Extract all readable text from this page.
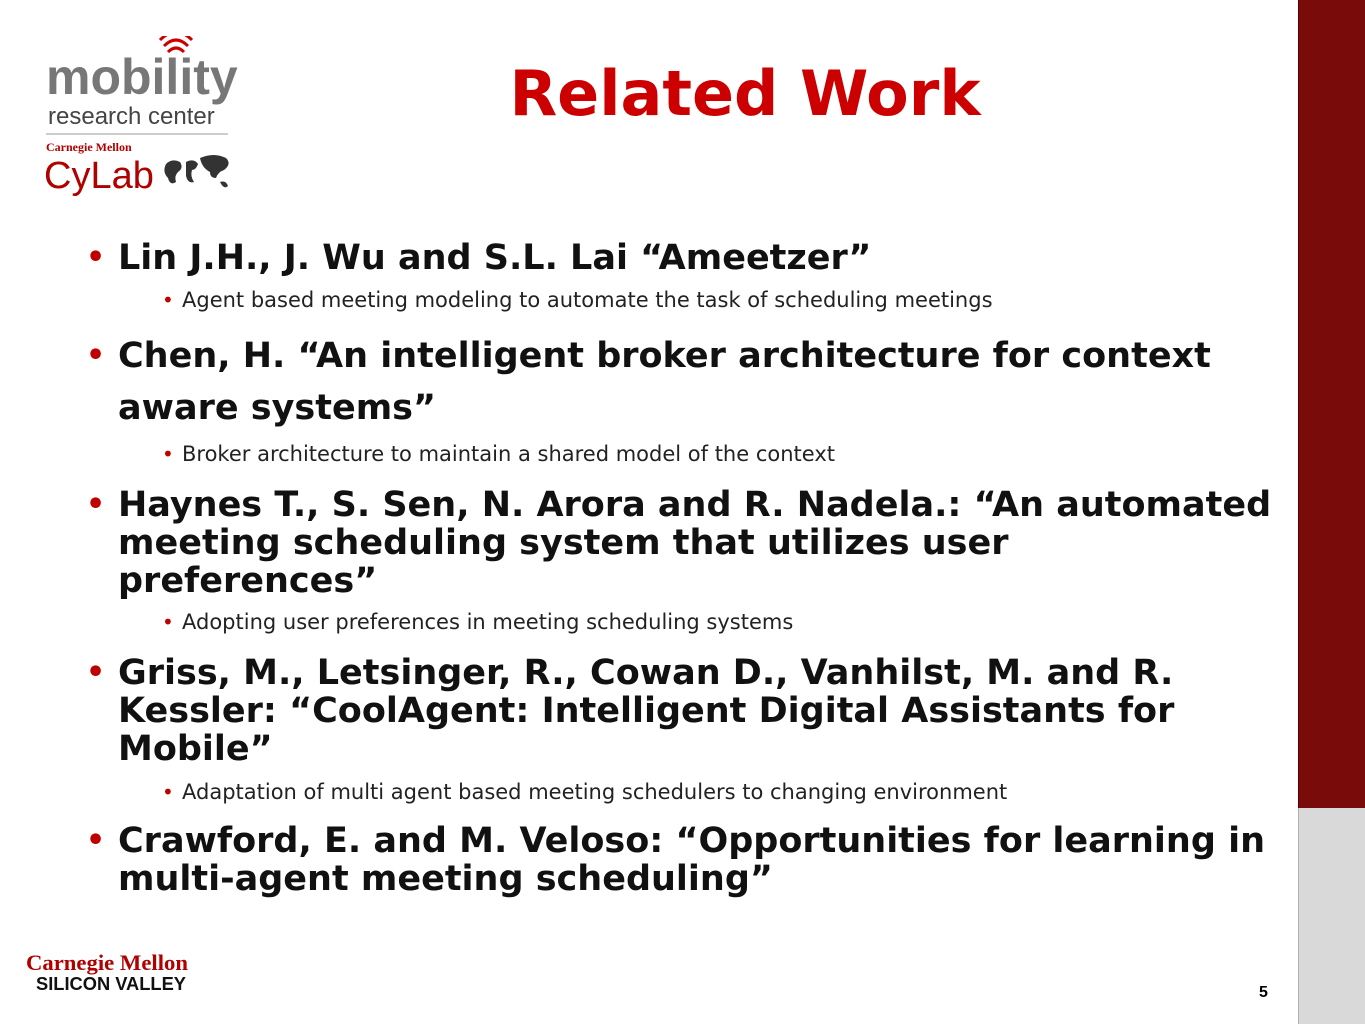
mobility
research center
Carnegie Mellon
CyLab
Related Work
• Lin J.H., J. Wu and S.L. Lai “Ameetzer”
• Agent based meeting modeling to automate the task of scheduling meetings
• Chen, H. “An intelligent broker architecture for context aware systems”
• Broker architecture to maintain a shared model of the context
• Haynes T., S. Sen, N. Arora and R. Nadela.: “An automated meeting scheduling system that utilizes user preferences”
• Adopting user preferences in meeting scheduling systems
• Griss, M., Letsinger, R., Cowan D., Vanhilst, M. and R. Kessler: “CoolAgent: Intelligent Digital Assistants for Mobile”
• Adaptation of multi agent based meeting schedulers to changing environment
• Crawford, E. and M. Veloso: “Opportunities for learning in multi-agent meeting scheduling”
Carnegie Mellon
SILICON VALLEY	5
